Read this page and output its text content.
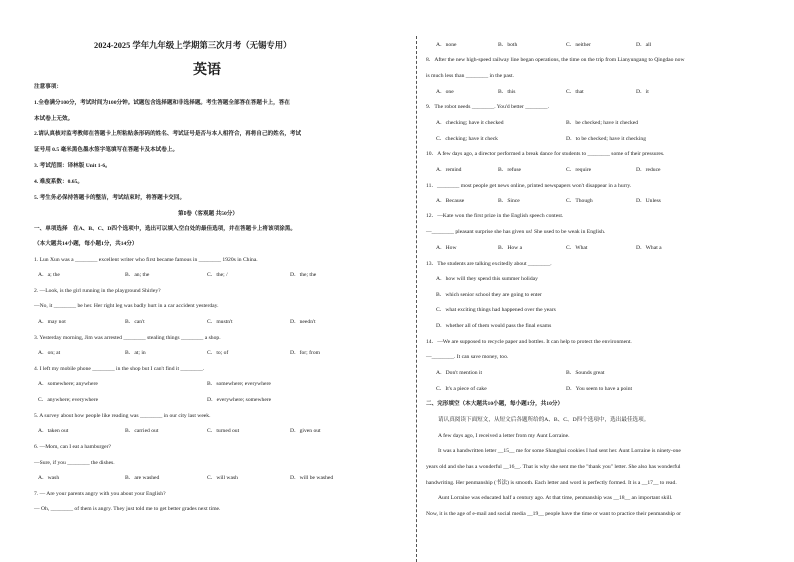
2024-2025 学年九年级上学期第三次月考（无锡专用）
英语
注意事项：
1.全卷满分100分，考试时间为100分钟。试题包含选择题和非选择题。考生答题全部答在答题卡上，答在
本试卷上无效。
2.请认真核对监考教师在答题卡上所粘贴条形码的姓名、考试证号是否与本人相符合，再将自己的姓名，考试
证号用 0.5 毫米黑色墨水签字笔填写在答题卡及本试卷上。
3. 考试范围：译林版 Unit 1-6。
4. 难度系数：0.65。
5. 考生务必保持答题卡的整洁，考试结束时，将答题卡交回。
第Ⅰ卷（客观题 共50分）
一、单项选择　在A、B、C、D四个选项中，选出可以填入空白处的最佳选项，并在答题卡上将该项涂黑。
（本大题共14小题，每小题1分，共14分）
1. Lun Xun was a ________ excellent writer who first became famous in ________ 1920s in China.
A．a; the	B．an; the	C．the; /	D．the; the
2. —Look, is the girl running in the playground Shirley?
—No, it ________ be her. Her right leg was badly hurt in a car accident yesterday.
A．may not	B．can't	C．mustn't	D．needn't
3. Yesterday morning, Jim was arrested ________ stealing things ________ a shop.
A．on; at	B．at; in	C．to; of	D．for; from
4. I left my mobile phone ________ in the shop but I can't find it ________.
A．somewhere; anywhere	B．somewhere; everywhere
C．anywhere; everywhere	D．everywhere; somewhere
5. A survey about how people like reading was ________ in our city last week.
A．taken out	B．carried out	C．turned out	D．given out
6. —Mom, can I eat a hamburger?
—Sure, if you ________ the dishes.
A．wash	B．are washed	C．will wash	D．will be washed
7. — Are your parents angry with you about your English?
— Oh, ________ of them is angry. They just told me to get better grades next time.
A．none	B．both	C．neither	D．all
8．After the new high-speed railway line began operations, the time on the trip from Lianyungang to Qingdao now
is much less than ________ in the past.
A．one	B．this	C．that	D．it
9．The robot needs ________. You'd better ________.
A．checking; have it checked	B．be checked; have it checked
C．checking; have it check	D．to be checked; have it checking
10．A few days ago, a director performed a break dance for students to ________ some of their pressures.
A．remind	B．refuse	C．require	D．reduce
11．________ most people get news online, printed newspapers won't disappear in a hurry.
A．Because	B．Since	C．Though	D．Unless
12．—Kate won the first prize in the English speech contest.
—________ pleasant surprise she has given us! She used to be weak in English.
A．How	B．How a	C．What	D．What a
13．The students are talking excitedly about ________.
A．how will they spend this summer holiday
B．which senior school they are going to enter
C．what exciting things had happened over the years
D．whether all of them would pass the final exams
14．—We are supposed to recycle paper and bottles. It can help to protect the environment.
—________. It can save money, too.
A．Don't mention it	B．Sounds great
C．It's a piece of cake	D．You seem to have a point
二、完形填空（本大题共10小题，每小题1分，共10分）
请认真阅读下面短文，从短文后各题所给的A、B、C、D四个选项中，选出最佳选项。
A few days ago, I received a letter from my Aunt Lorraine.
It was a handwritten letter __15__ me for some Shanghai cookies I had sent her. Aunt Lorraine is ninety-one
years old and she has a wonderful __16__. That is why she sent me the "thank you" letter. She also has wonderful
handwriting. Her penmanship (书法) is smooth. Each letter and word is perfectly formed. It is a __17__ to read.
Aunt Lorraine was educated half a century ago. At that time, penmanship was __18__ an important skill.
Now, it is the age of e-mail and social media __19__ people have the time or want to practice their penmanship or
